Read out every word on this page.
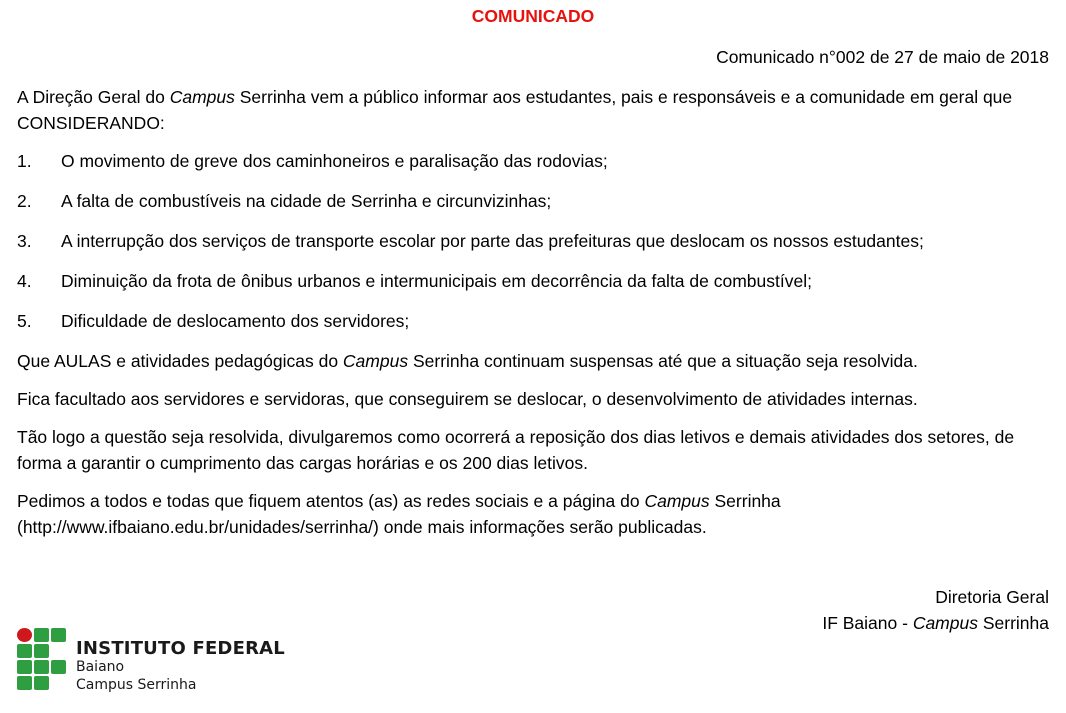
COMUNICADO
Comunicado n°002 de 27 de maio de 2018

A Direção Geral do Campus Serrinha vem a público informar aos estudantes, pais e responsáveis e a comunidade em geral que CONSIDERANDO:

1.	O movimento de greve dos caminhoneiros e paralisação das rodovias;
2.	A falta de combustíveis na cidade de Serrinha e circunvizinhas;
3.	A interrupção dos serviços de transporte escolar por parte das prefeituras que deslocam os nossos estudantes;
4.	Diminuição da frota de ônibus urbanos e intermunicipais em decorrência da falta de combustível;
5.	Dificuldade de deslocamento dos servidores;

Que AULAS e atividades pedagógicas do Campus Serrinha continuam suspensas até que a situação seja resolvida.

Fica facultado aos servidores e servidoras, que conseguirem se deslocar, o desenvolvimento de atividades internas.

Tão logo a questão seja resolvida, divulgaremos como ocorrerá a reposição dos dias letivos e demais atividades dos setores, de forma a garantir o cumprimento das cargas horárias e os 200 dias letivos.

Pedimos a todos e todas que fiquem atentos (as) as redes sociais e a página do Campus Serrinha (http://www.ifbaiano.edu.br/unidades/serrinha/) onde mais informações serão publicadas.

Diretoria Geral
IF Baiano - Campus Serrinha
INSTITUTO FEDERAL
Baiano
Campus Serrinha
